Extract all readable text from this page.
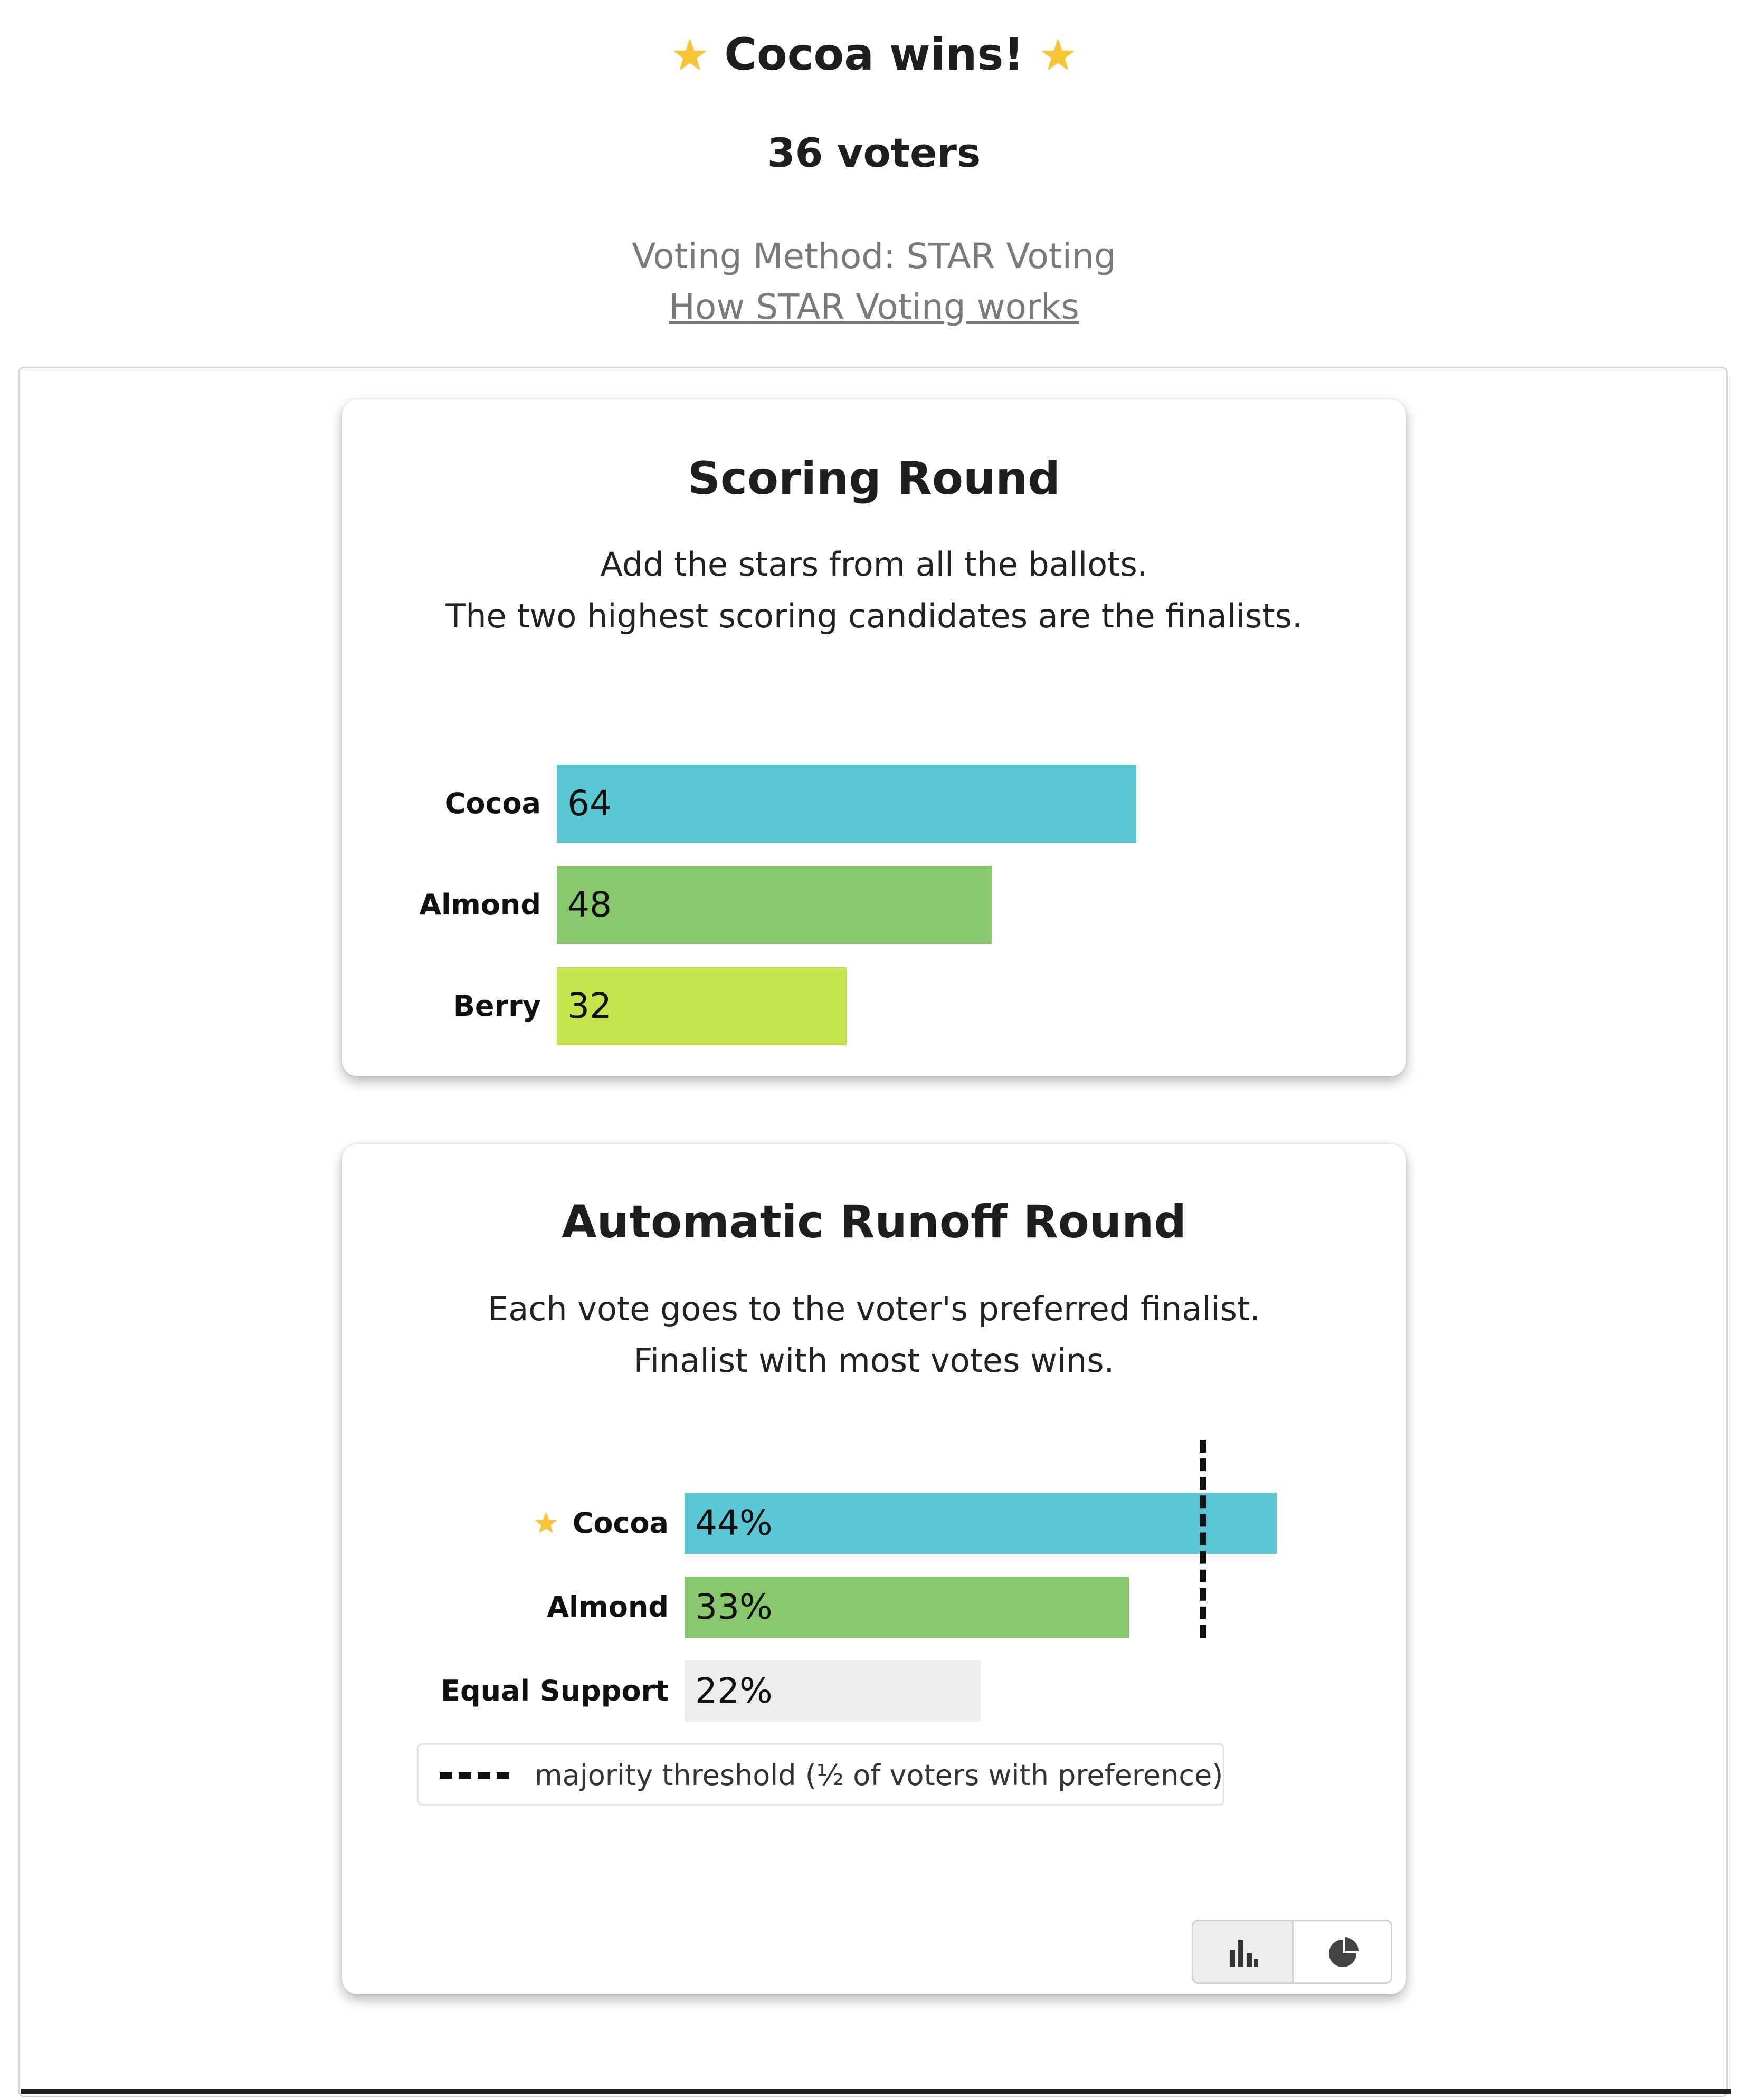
★ Cocoa wins! ★
36 voters
Voting Method: STAR Voting
How STAR Voting works
Scoring Round
Add the stars from all the ballots.
The two highest scoring candidates are the finalists.
Cocoa 64
Almond 48
Berry 32
Automatic Runoff Round
Each vote goes to the voter's preferred finalist.
Finalist with most votes wins.
★ Cocoa 44%
Almond 33%
Equal Support 22%
majority threshold (½ of voters with preference)
